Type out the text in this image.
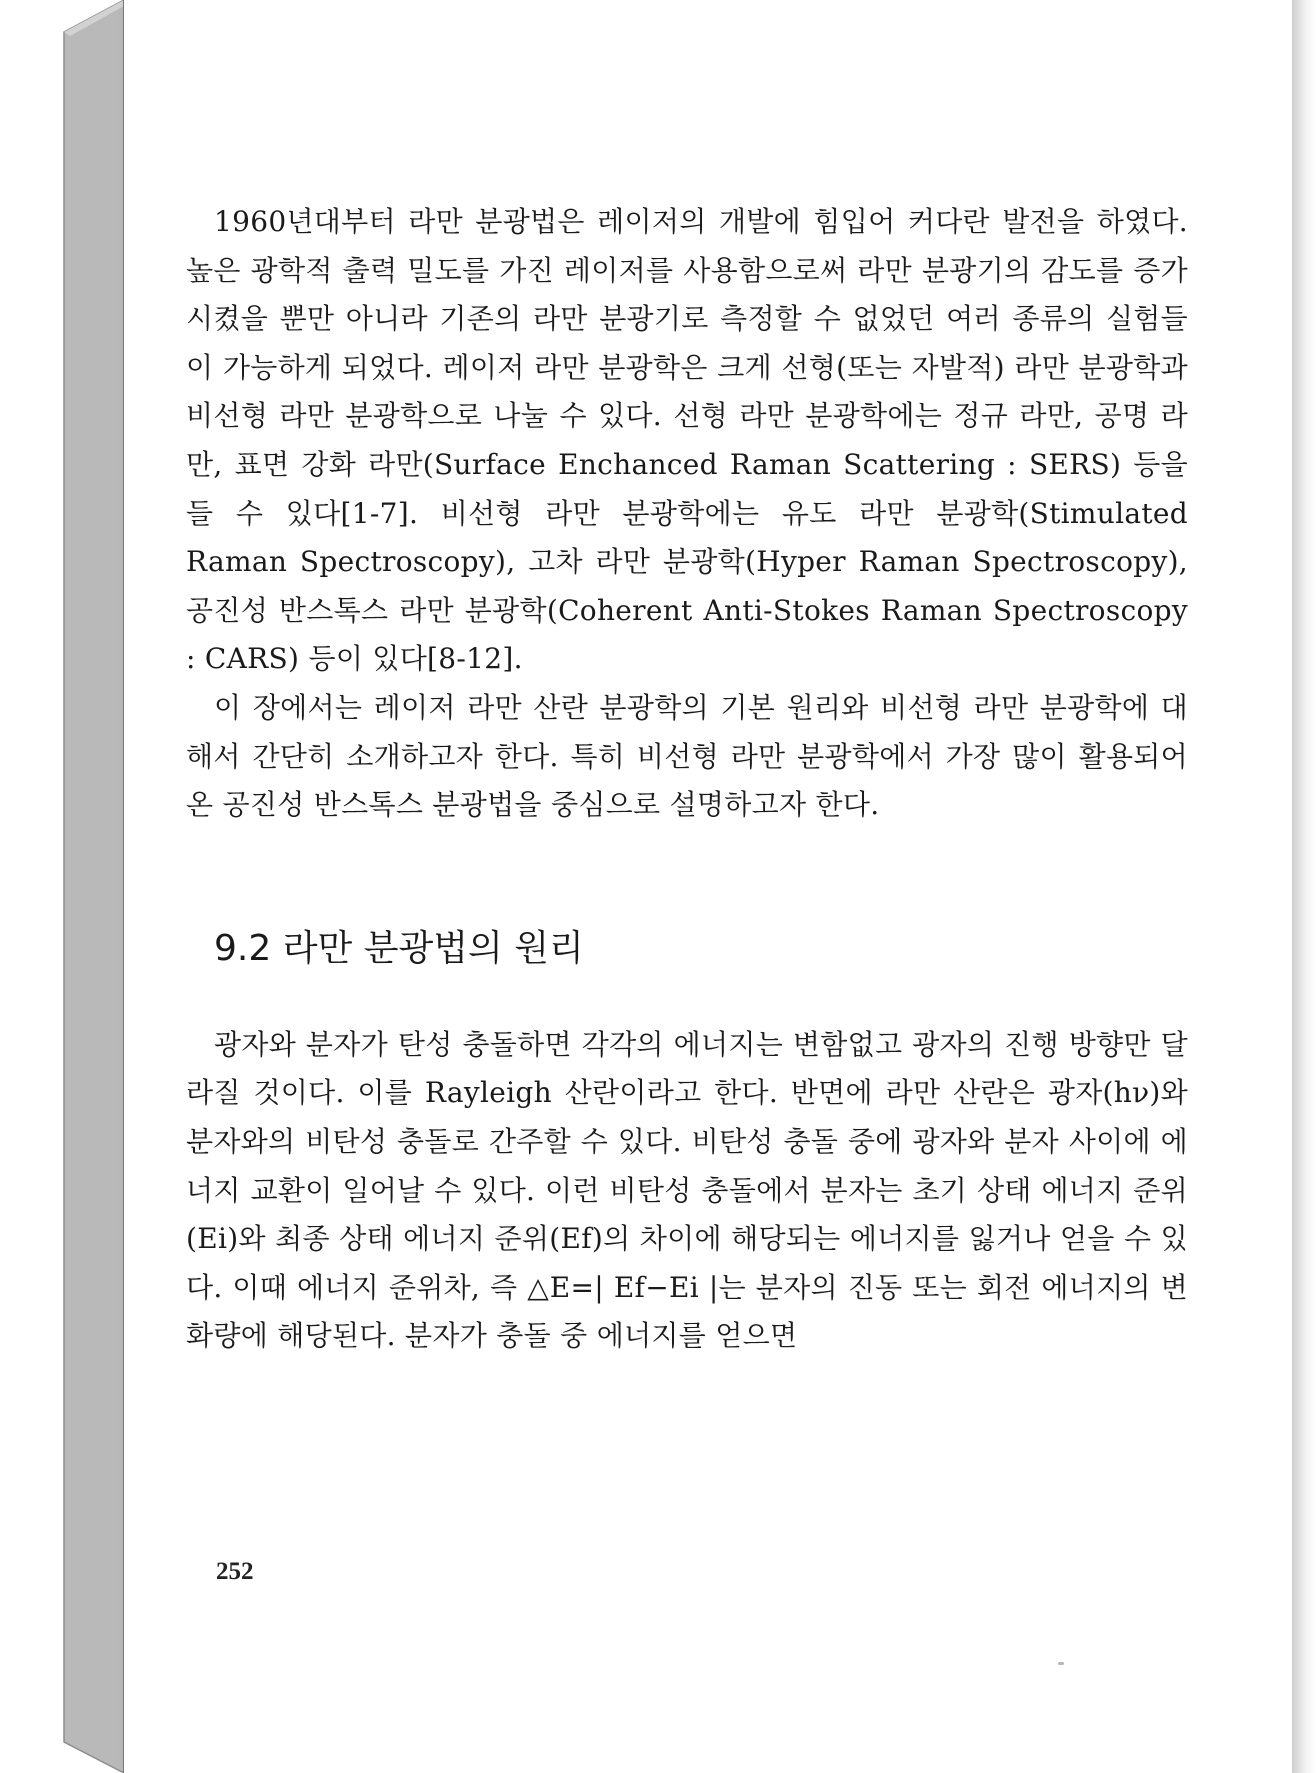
1960년대부터 라만 분광법은 레이저의 개발에 힘입어 커다란 발전을 하였다. 높은 광학적 출력 밀도를 가진 레이저를 사용함으로써 라만 분광기의 감도를 증가시켰을 뿐만 아니라 기존의 라만 분광기로 측정할 수 없었던 여러 종류의 실험들이 가능하게 되었다. 레이저 라만 분광학은 크게 선형(또는 자발적) 라만 분광학과 비선형 라만 분광학으로 나눌 수 있다. 선형 라만 분광학에는 정규 라만, 공명 라만, 표면 강화 라만(Surface Enchanced Raman Scattering : SERS) 등을 들 수 있다[1-7]. 비선형 라만 분광학에는 유도 라만 분광학(Stimulated Raman Spectroscopy), 고차 라만 분광학(Hyper Raman Spectroscopy), 공진성 반스톡스 라만 분광학(Coherent Anti-Stokes Raman Spectroscopy : CARS) 등이 있다[8-12].

이 장에서는 레이저 라만 산란 분광학의 기본 원리와 비선형 라만 분광학에 대해서 간단히 소개하고자 한다. 특히 비선형 라만 분광학에서 가장 많이 활용되어 온 공진성 반스톡스 분광법을 중심으로 설명하고자 한다.

9.2 라만 분광법의 원리

광자와 분자가 탄성 충돌하면 각각의 에너지는 변함없고 광자의 진행 방향만 달라질 것이다. 이를 Rayleigh 산란이라고 한다. 반면에 라만 산란은 광자(hν)와 분자와의 비탄성 충돌로 간주할 수 있다. 비탄성 충돌 중에 광자와 분자 사이에 에너지 교환이 일어날 수 있다. 이런 비탄성 충돌에서 분자는 초기 상태 에너지 준위(Ei)와 최종 상태 에너지 준위(Ef)의 차이에 해당되는 에너지를 잃거나 얻을 수 있다. 이때 에너지 준위차, 즉 △E=| Ef−Ei |는 분자의 진동 또는 회전 에너지의 변화량에 해당된다. 분자가 충돌 중 에너지를 얻으면

252
